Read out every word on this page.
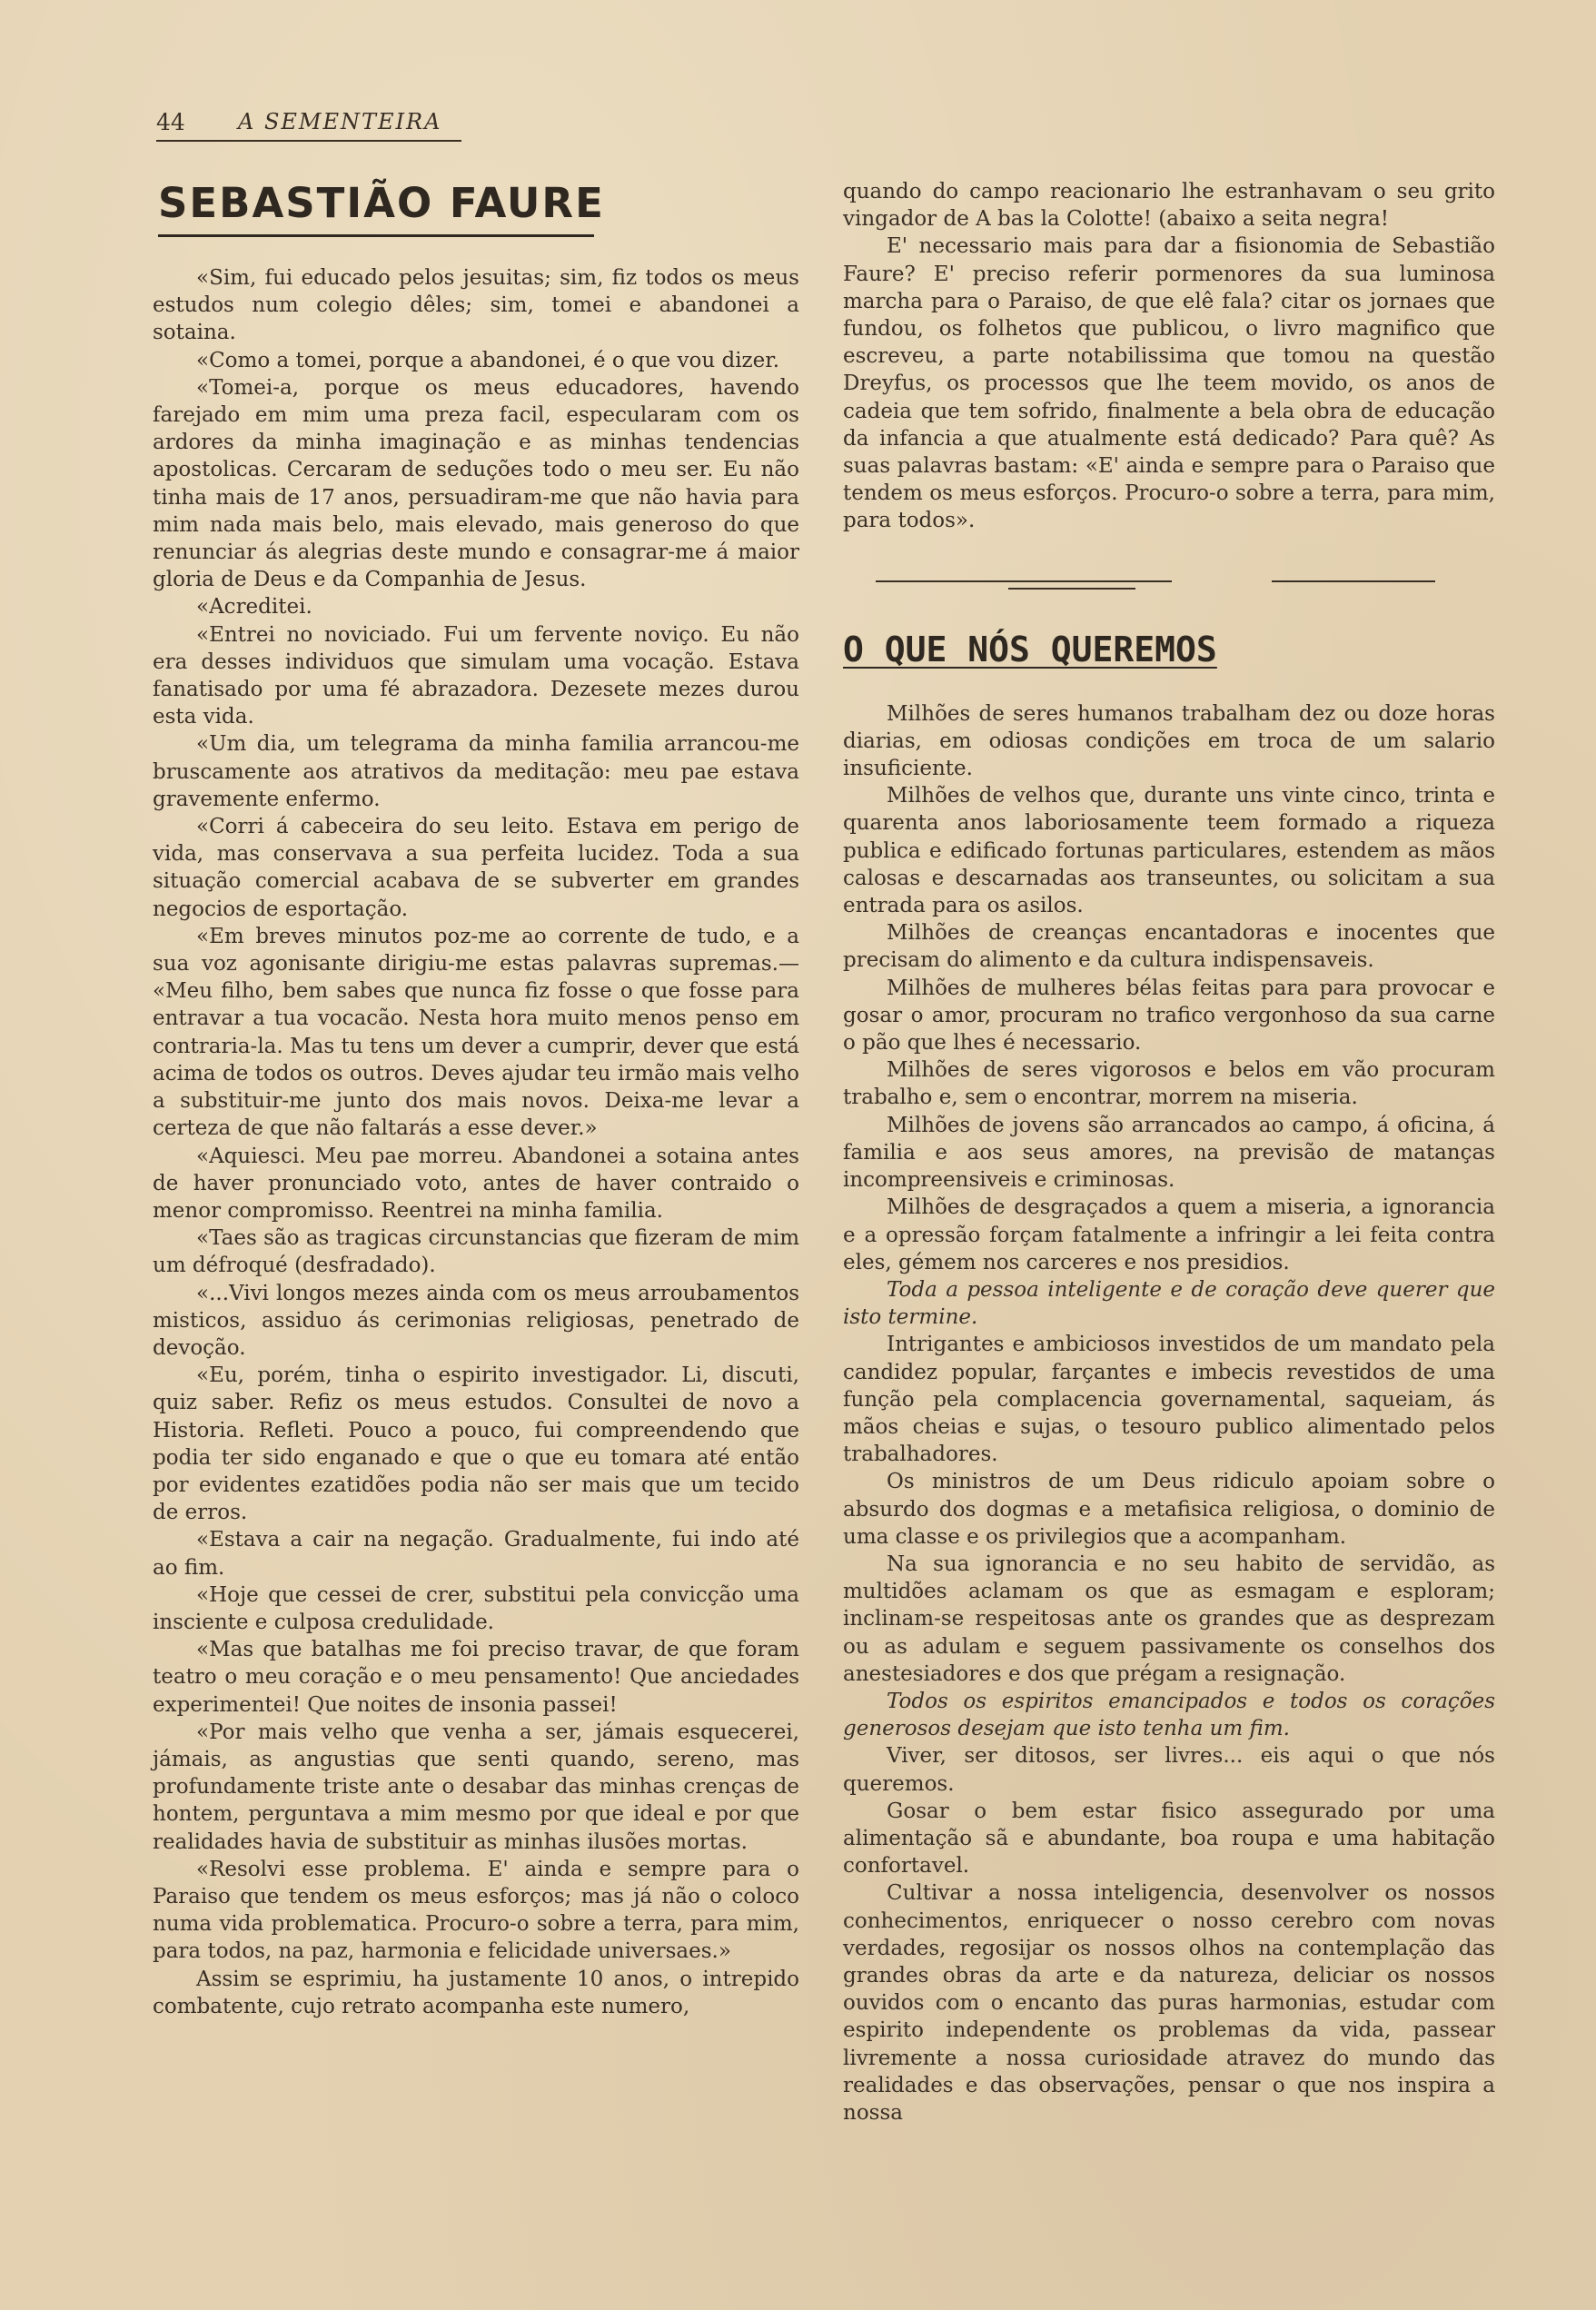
44 A SEMENTEIRA
SEBASTIÃO FAURE

«Sim, fui educado pelos jesuitas; sim, fiz todos os meus estudos num colegio dêles; sim, tomei e abandonei a sotaina.

«Como a tomei, porque a abandonei, é o que vou dizer.

«Tomei-a, porque os meus educadores, havendo farejado em mim uma preza facil, especularam com os ardores da minha imaginação e as minhas tendencias apostolicas. Cercaram de seduções todo o meu ser. Eu não tinha mais de 17 anos, persuadiram-me que não havia para mim nada mais belo, mais elevado, mais generoso do que renunciar ás alegrias deste mundo e consagrar-me á maior gloria de Deus e da Companhia de Jesus.

«Acreditei.

«Entrei no noviciado. Fui um fervente noviço. Eu não era desses individuos que simulam uma vocação. Estava fanatisado por uma fé abrazadora. Dezesete mezes durou esta vida.

«Um dia, um telegrama da minha familia arrancou-me bruscamente aos atrativos da meditação: meu pae estava gravemente enfermo.

«Corri á cabeceira do seu leito. Estava em perigo de vida, mas conservava a sua perfeita lucidez. Toda a sua situação comercial acabava de se subverter em grandes negocios de esportação.

«Em breves minutos poz-me ao corrente de tudo, e a sua voz agonisante dirigiu-me estas palavras supremas.— «Meu filho, bem sabes que nunca fiz fosse o que fosse para entravar a tua vocacão. Nesta hora muito menos penso em contraria-la. Mas tu tens um dever a cumprir, dever que está acima de todos os outros. Deves ajudar teu irmão mais velho a substituir-me junto dos mais novos. Deixa-me levar a certeza de que não faltarás a esse dever.»

«Aquiesci. Meu pae morreu. Abandonei a sotaina antes de haver pronunciado voto, antes de haver contraido o menor compromisso. Reentrei na minha familia.

«Taes são as tragicas circunstancias que fizeram de mim um défroqué (desfradado).

«...Vivi longos mezes ainda com os meus arroubamentos misticos, assiduo ás cerimonias religiosas, penetrado de devoção.

«Eu, porém, tinha o espirito investigador. Li, discuti, quiz saber. Refiz os meus estudos. Consultei de novo a Historia. Refleti. Pouco a pouco, fui compreendendo que podia ter sido enganado e que o que eu tomara até então por evidentes ezatidões podia não ser mais que um tecido de erros.

«Estava a cair na negação. Gradualmente, fui indo até ao fim.

«Hoje que cessei de crer, substitui pela convicção uma insciente e culposa credulidade.

«Mas que batalhas me foi preciso travar, de que foram teatro o meu coração e o meu pensamento! Que anciedades experimentei! Que noites de insonia passei!

«Por mais velho que venha a ser, jámais esquecerei, jámais, as angustias que senti quando, sereno, mas profundamente triste ante o desabar das minhas crenças de hontem, perguntava a mim mesmo por que ideal e por que realidades havia de substituir as minhas ilusões mortas.

«Resolvi esse problema. E' ainda e sempre para o Paraiso que tendem os meus esforços; mas já não o coloco numa vida problematica. Procuro-o sobre a terra, para mim, para todos, na paz, harmonia e felicidade universaes.»

Assim se esprimiu, ha justamente 10 anos, o intrepido combatente, cujo retrato acompanha este numero,

quando do campo reacionario lhe estranhavam o seu grito vingador de A bas la Colotte! (abaixo a seita negra!

E' necessario mais para dar a fisionomia de Sebastião Faure? E' preciso referir pormenores da sua luminosa marcha para o Paraiso, de que elê fala? citar os jornaes que fundou, os folhetos que publicou, o livro magnifico que escreveu, a parte notabilissima que tomou na questão Dreyfus, os processos que lhe teem movido, os anos de cadeia que tem sofrido, finalmente a bela obra de educação da infancia a que atualmente está dedicado? Para quê? As suas palavras bastam: «E' ainda e sempre para o Paraiso que tendem os meus esforços. Procuro-o sobre a terra, para mim, para todos».

O QUE NÓS QUEREMOS

Milhões de seres humanos trabalham dez ou doze horas diarias, em odiosas condições em troca de um salario insuficiente.

Milhões de velhos que, durante uns vinte cinco, trinta e quarenta anos laboriosamente teem formado a riqueza publica e edificado fortunas particulares, estendem as mãos calosas e descarnadas aos transeuntes, ou solicitam a sua entrada para os asilos.

Milhões de creanças encantadoras e inocentes que precisam do alimento e da cultura indispensaveis.

Milhões de mulheres bélas feitas para para provocar e gosar o amor, procuram no trafico vergonhoso da sua carne o pão que lhes é necessario.

Milhões de seres vigorosos e belos em vão procuram trabalho e, sem o encontrar, morrem na miseria.

Milhões de jovens são arrancados ao campo, á oficina, á familia e aos seus amores, na previsão de matanças incompreensiveis e criminosas.

Milhões de desgraçados a quem a miseria, a ignorancia e a opressão forçam fatalmente a infringir a lei feita contra eles, gémem nos carceres e nos presidios.

Toda a pessoa inteligente e de coração deve querer que isto termine.

Intrigantes e ambiciosos investidos de um mandato pela candidez popular, farçantes e imbecis revestidos de uma função pela complacencia governamental, saqueiam, ás mãos cheias e sujas, o tesouro publico alimentado pelos trabalhadores.

Os ministros de um Deus ridiculo apoiam sobre o absurdo dos dogmas e a metafisica religiosa, o dominio de uma classe e os privilegios que a acompanham.

Na sua ignorancia e no seu habito de servidão, as multidões aclamam os que as esmagam e esploram; inclinam-se respeitosas ante os grandes que as desprezam ou as adulam e seguem passivamente os conselhos dos anestesiadores e dos que prégam a resignação.

Todos os espiritos emancipados e todos os corações generosos desejam que isto tenha um fim.

Viver, ser ditosos, ser livres... eis aqui o que nós queremos.

Gosar o bem estar fisico assegurado por uma alimentação sã e abundante, boa roupa e uma habitação confortavel.

Cultivar a nossa inteligencia, desenvolver os nossos conhecimentos, enriquecer o nosso cerebro com novas verdades, regosijar os nossos olhos na contemplação das grandes obras da arte e da natureza, deliciar os nossos ouvidos com o encanto das puras harmonias, estudar com espirito independente os problemas da vida, passear livremente a nossa curiosidade atravez do mundo das realidades e das observações, pensar o que nos inspira a nossa
